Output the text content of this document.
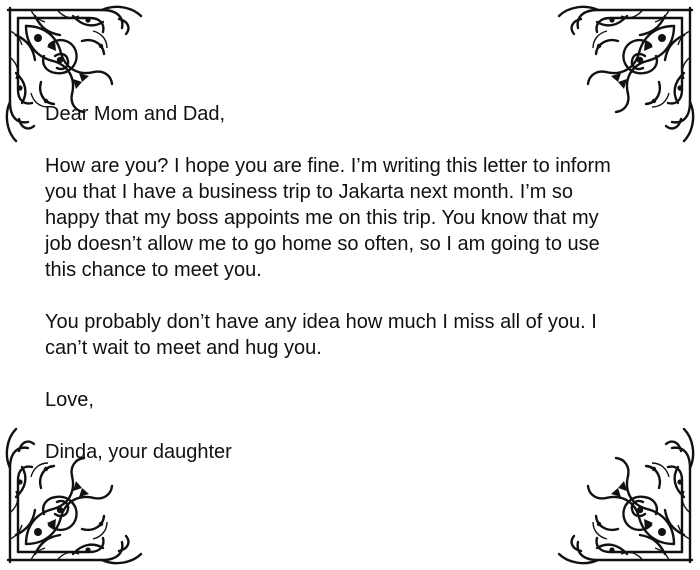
Dear Mom and Dad,
How are you? I hope you are fine. I’m writing this letter to inform
you that I have a business trip to Jakarta next month. I’m so
happy that my boss appoints me on this trip. You know that my
job doesn’t allow me to go home so often, so I am going to use
this chance to meet you.
You probably don’t have any idea how much I miss all of you. I
can’t wait to meet and hug you.
Love,
Dinda, your daughter
